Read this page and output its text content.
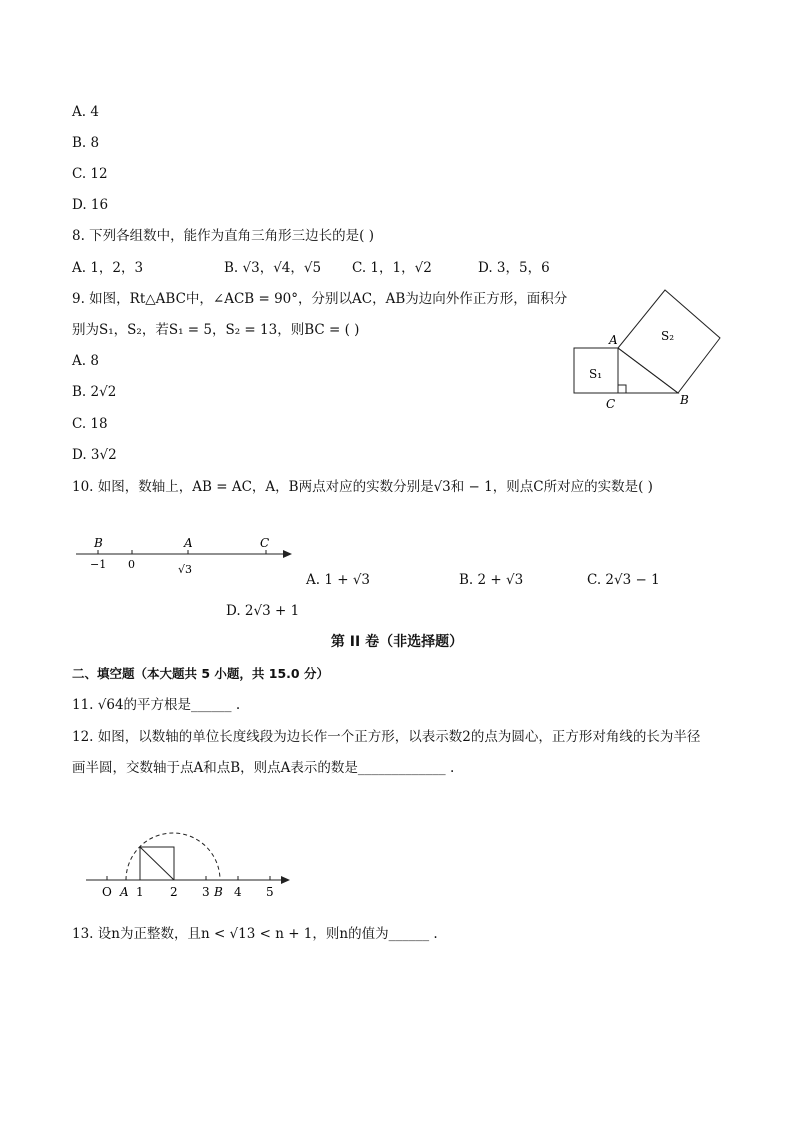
A. 4
B. 8
C. 12
D. 16
8. 下列各组数中，能作为直角三角形三边长的是( )
A. 1，2，3	B. √3，√4，√5 C. 1，1，√2	D. 3，5，6
9. 如图，Rt△ABC中，∠ACB = 90°，分别以AC，AB为边向外作正方形，面积分
别为S₁，S₂，若S₁ = 5，S₂ = 13，则BC = ( )
A. 8
B. 2√2
C. 18
D. 3√2
A
C	B
S₁
S₂
10. 如图，数轴上，AB = AC，A，B两点对应的实数分别是√3和 − 1，则点C所对应的实数是( )
B	A	C
−1 0	√3
A. 1 + √3	B. 2 + √3	C. 2√3 − 1
D. 2√3 + 1
第 II 卷（非选择题）
二、填空题（本大题共 5 小题，共 15.0 分）
11. √64的平方根是______ .
12. 如图，以数轴的单位长度线段为边长作一个正方形，以表示数2的点为圆心，正方形对角线的长为半径
画半圆，交数轴于点A和点B，则点A表示的数是_____________ .
O A 1 2 3 B 4 5
13. 设n为正整数，且n < √13 < n + 1，则n的值为______ .
